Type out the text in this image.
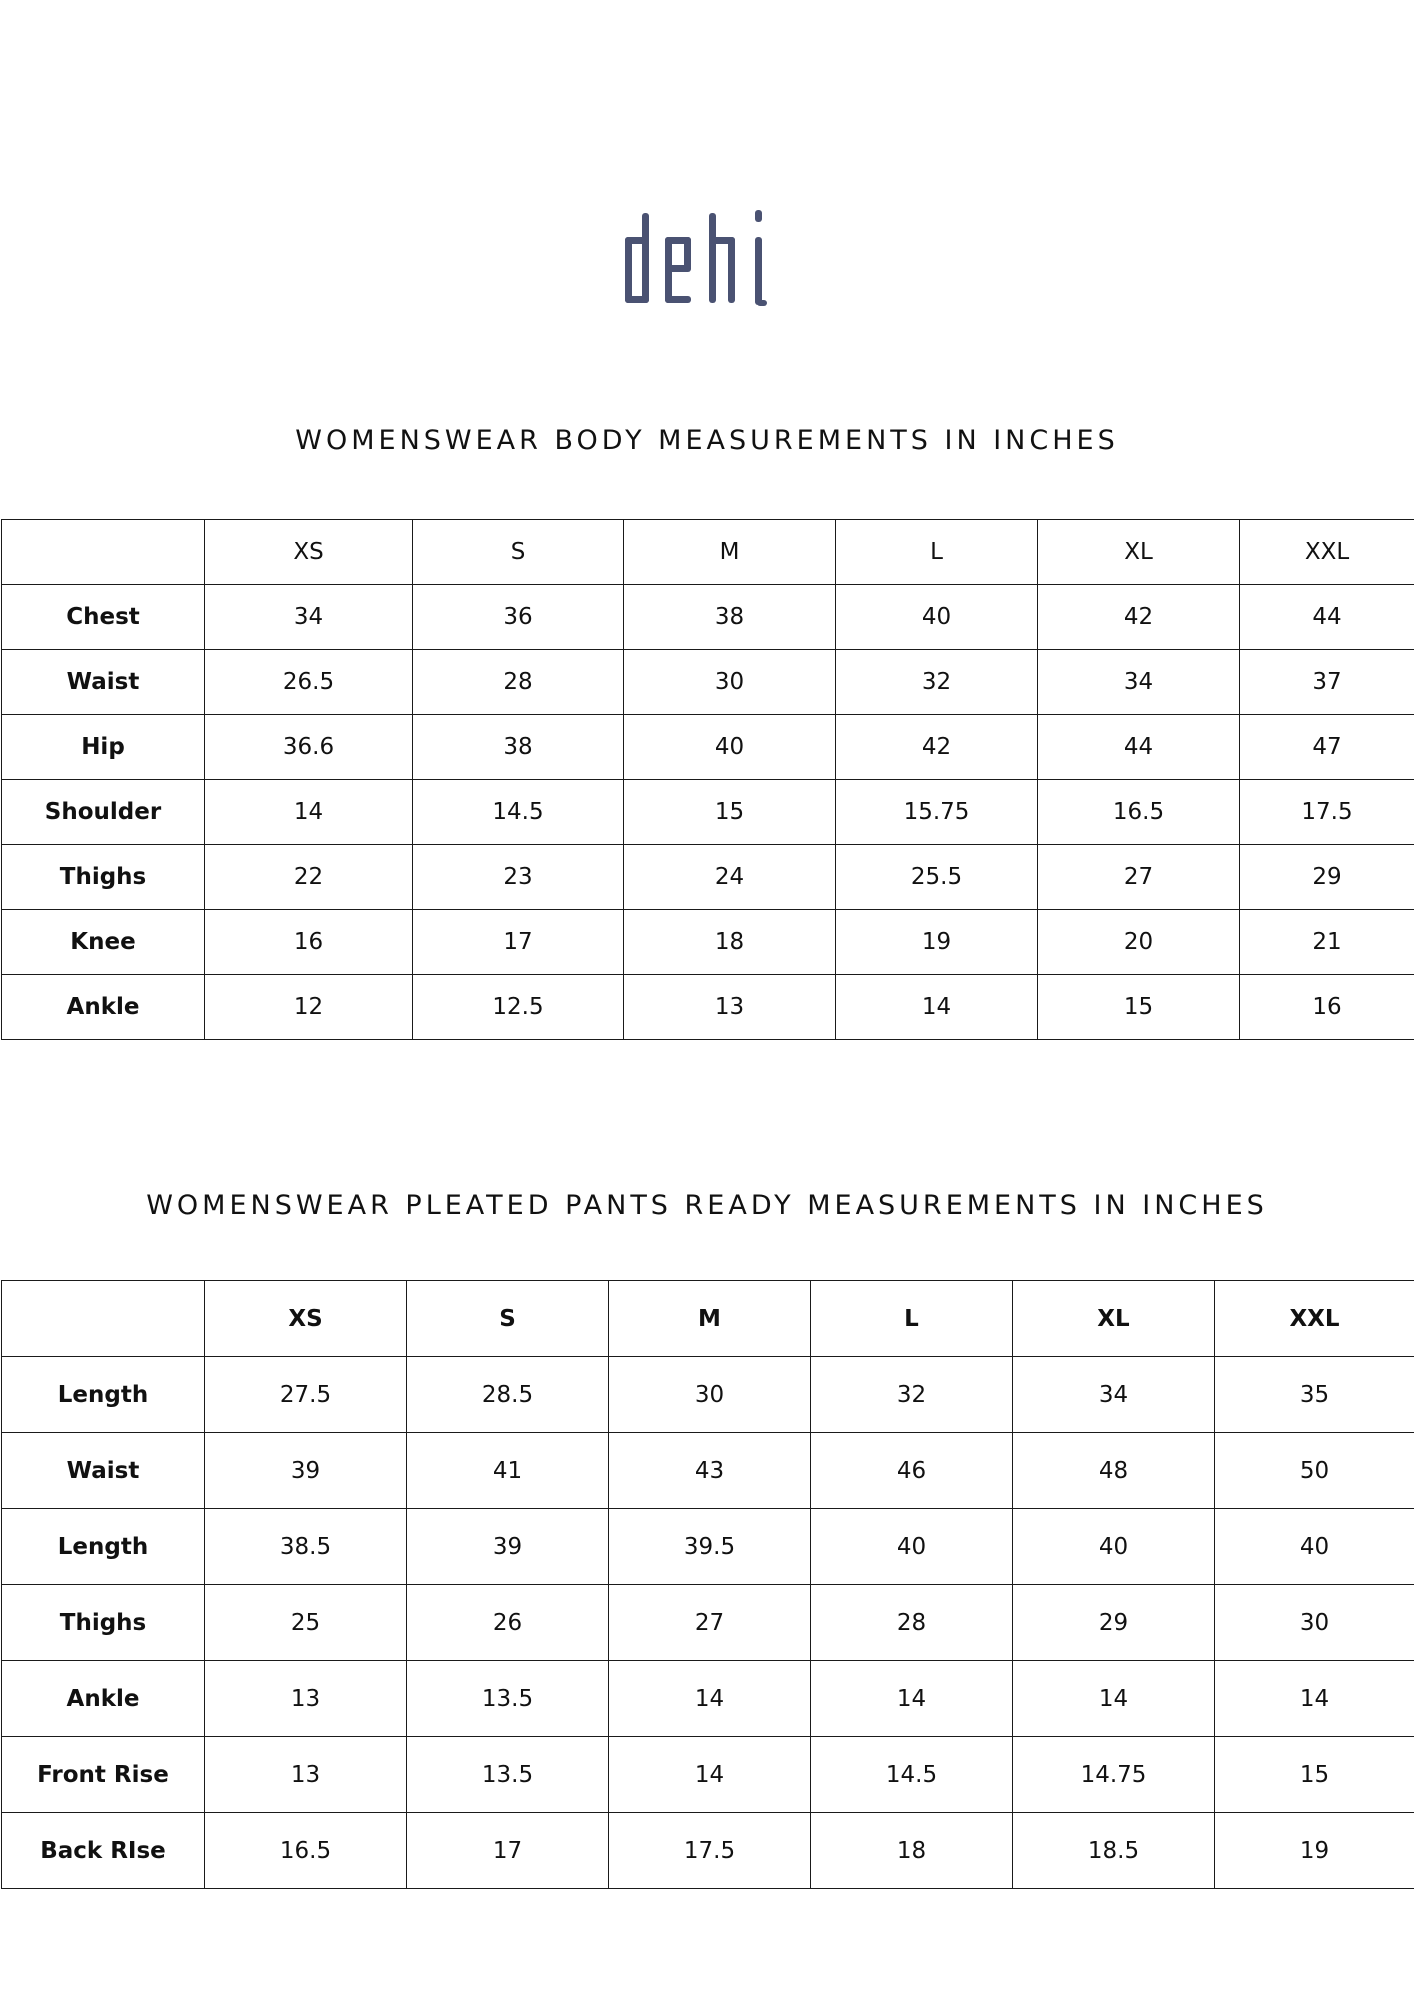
WOMENSWEAR BODY MEASUREMENTS IN INCHES
	XS	S	M	L	XL	XXL
Chest	34	36	38	40	42	44
Waist	26.5	28	30	32	34	37
Hip	36.6	38	40	42	44	47
Shoulder	14	14.5	15	15.75	16.5	17.5
Thighs	22	23	24	25.5	27	29
Knee	16	17	18	19	20	21
Ankle	12	12.5	13	14	15	16
WOMENSWEAR PLEATED PANTS READY MEASUREMENTS IN INCHES
	XS	S	M	L	XL	XXL
Length	27.5	28.5	30	32	34	35
Waist	39	41	43	46	48	50
Length	38.5	39	39.5	40	40	40
Thighs	25	26	27	28	29	30
Ankle	13	13.5	14	14	14	14
Front Rise	13	13.5	14	14.5	14.75	15
Back RIse	16.5	17	17.5	18	18.5	19
